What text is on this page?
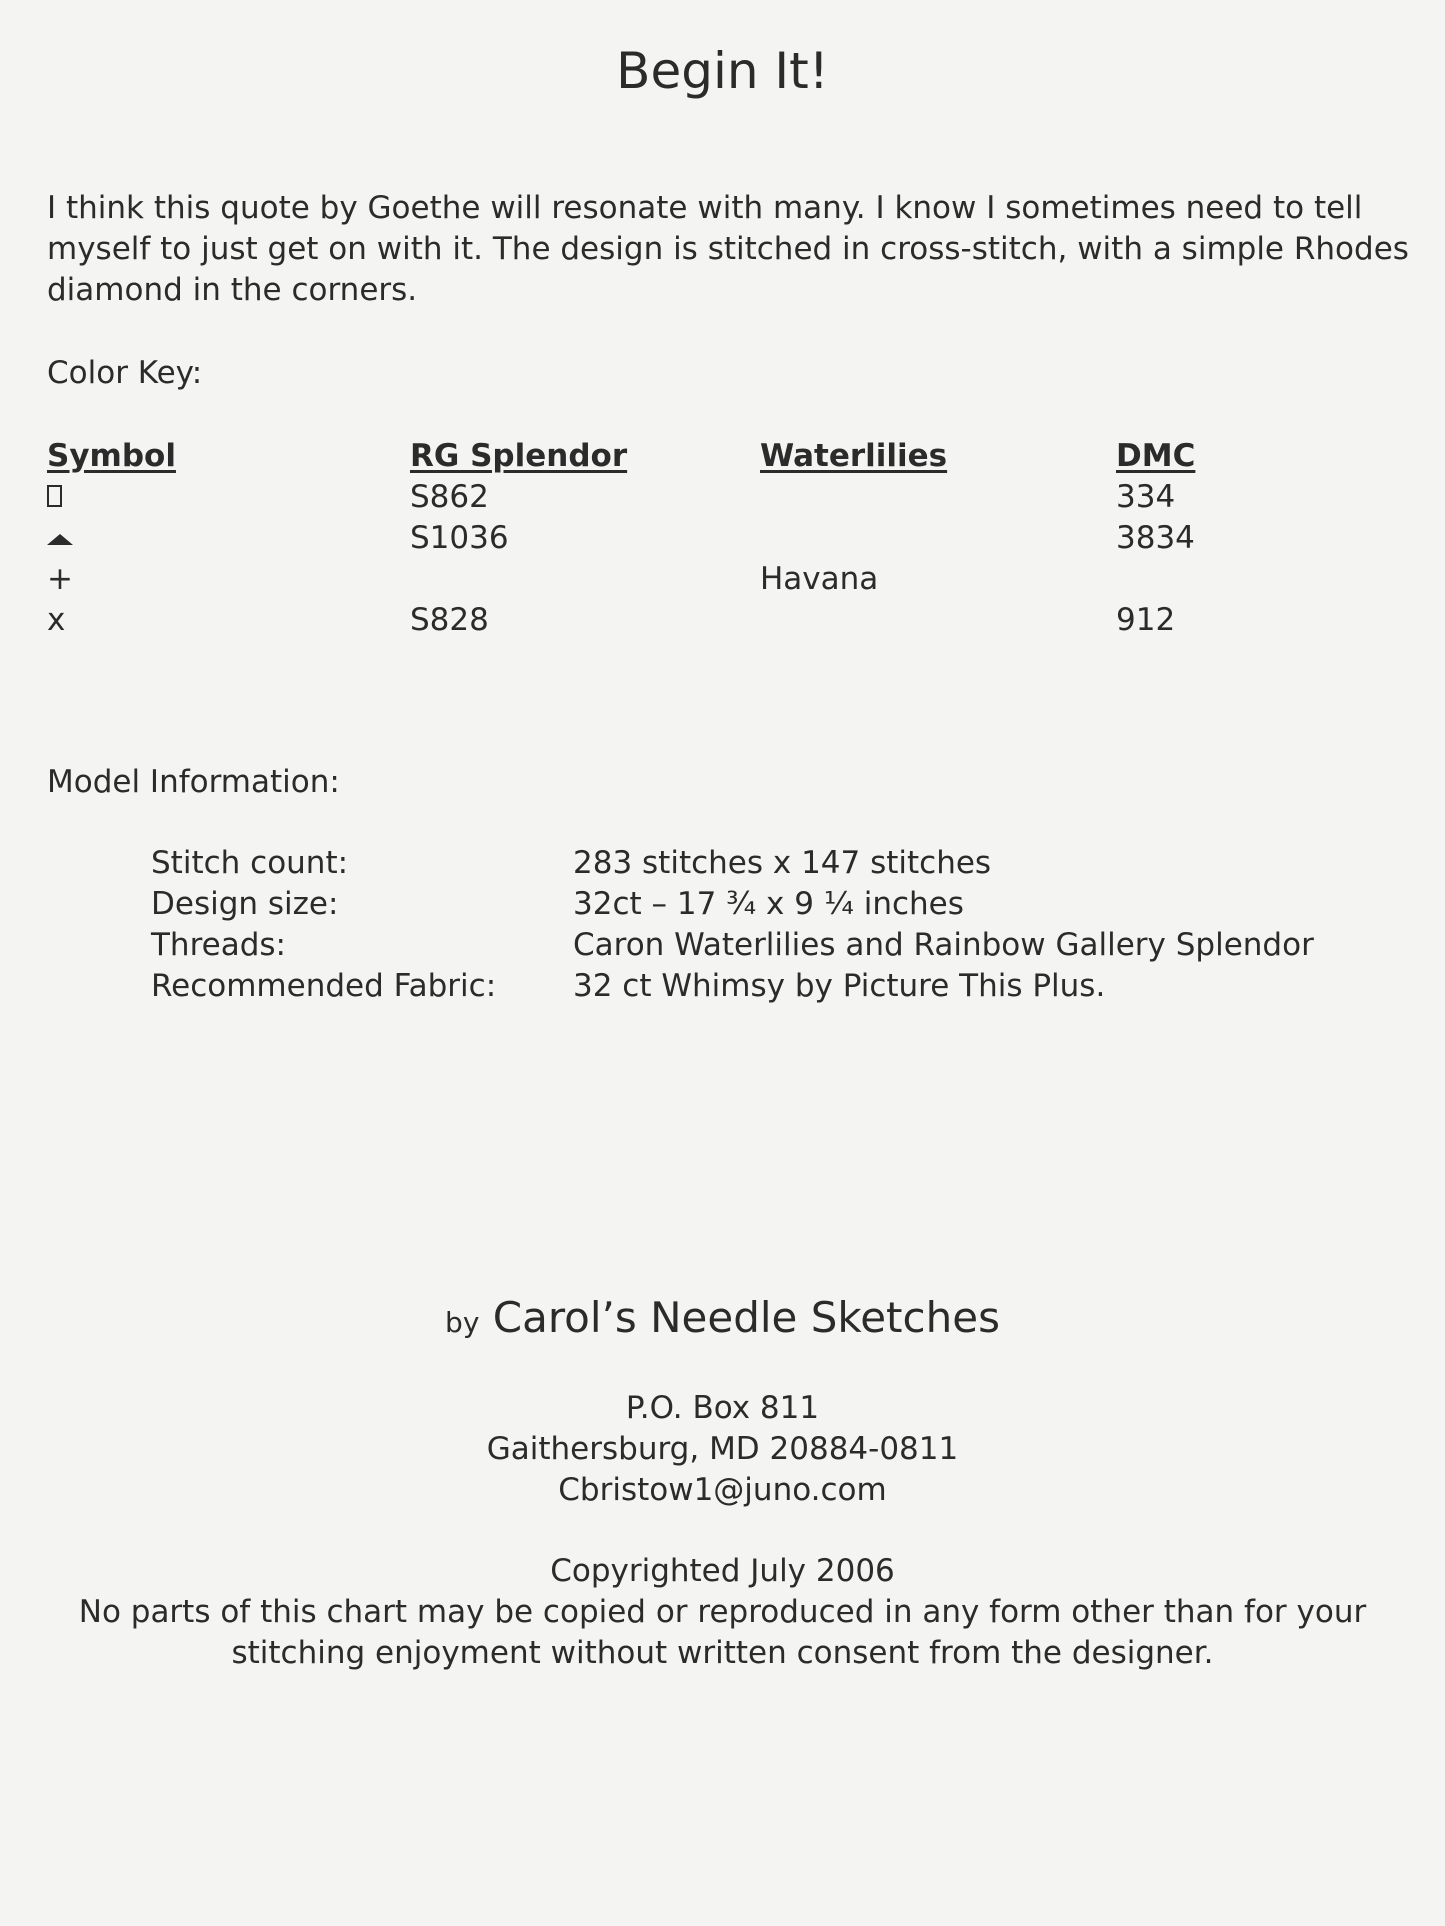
Begin It!

I think this quote by Goethe will resonate with many. I know I sometimes need to tell myself to just get on with it. The design is stitched in cross-stitch, with a simple Rhodes diamond in the corners.

Color Key:
Symbol	RG Splendor	Waterlilies	DMC
	S862		334
	S1036		3834
+		Havana	
x	S828		912
Model Information:
Stitch count:	283 stitches x 147 stitches
Design size:	32ct – 17 ¾ x 9 ¼ inches
Threads:	Caron Waterlilies and Rainbow Gallery Splendor
Recommended Fabric:	32 ct Whimsy by Picture This Plus.
by Carol’s Needle Sketches
P.O. Box 811
Gaithersburg, MD 20884-0811
Cbristow1@juno.com
Copyrighted July 2006
No parts of this chart may be copied or reproduced in any form other than for your
stitching enjoyment without written consent from the designer.
